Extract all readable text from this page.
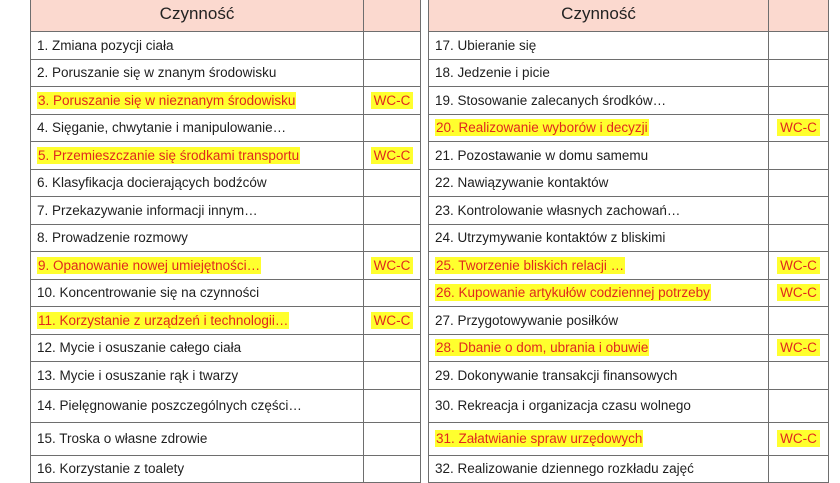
Czynność	
1. Zmiana pozycji ciała	
2. Poruszanie się w znanym środowisku	
3. Poruszanie się w nieznanym środowisku	WC-C
4. Sięganie, chwytanie i manipulowanie…	
5. Przemieszczanie się środkami transportu	WC-C
6. Klasyfikacja docierających bodźców	
7. Przekazywanie informacji innym…	
8. Prowadzenie rozmowy	
9. Opanowanie nowej umiejętności…	WC-C
10. Koncentrowanie się na czynności	
11. Korzystanie z urządzeń i technologii…	WC-C
12. Mycie i osuszanie całego ciała	
13. Mycie i osuszanie rąk i twarzy	
14. Pielęgnowanie poszczególnych części…	
15. Troska o własne zdrowie	
16. Korzystanie z toalety	
Czynność	
17. Ubieranie się	
18. Jedzenie i picie	
19. Stosowanie zalecanych środków…	
20. Realizowanie wyborów i decyzji	WC-C
21. Pozostawanie w domu samemu	
22. Nawiązywanie kontaktów	
23. Kontrolowanie własnych zachowań…	
24. Utrzymywanie kontaktów z bliskimi	
25. Tworzenie bliskich relacji …	WC-C
26. Kupowanie artykułów codziennej potrzeby	WC-C
27. Przygotowywanie posiłków	
28. Dbanie o dom, ubrania i obuwie	WC-C
29. Dokonywanie transakcji finansowych	
30. Rekreacja i organizacja czasu wolnego	
31. Załatwianie spraw urzędowych	WC-C
32. Realizowanie dziennego rozkładu zajęć	
